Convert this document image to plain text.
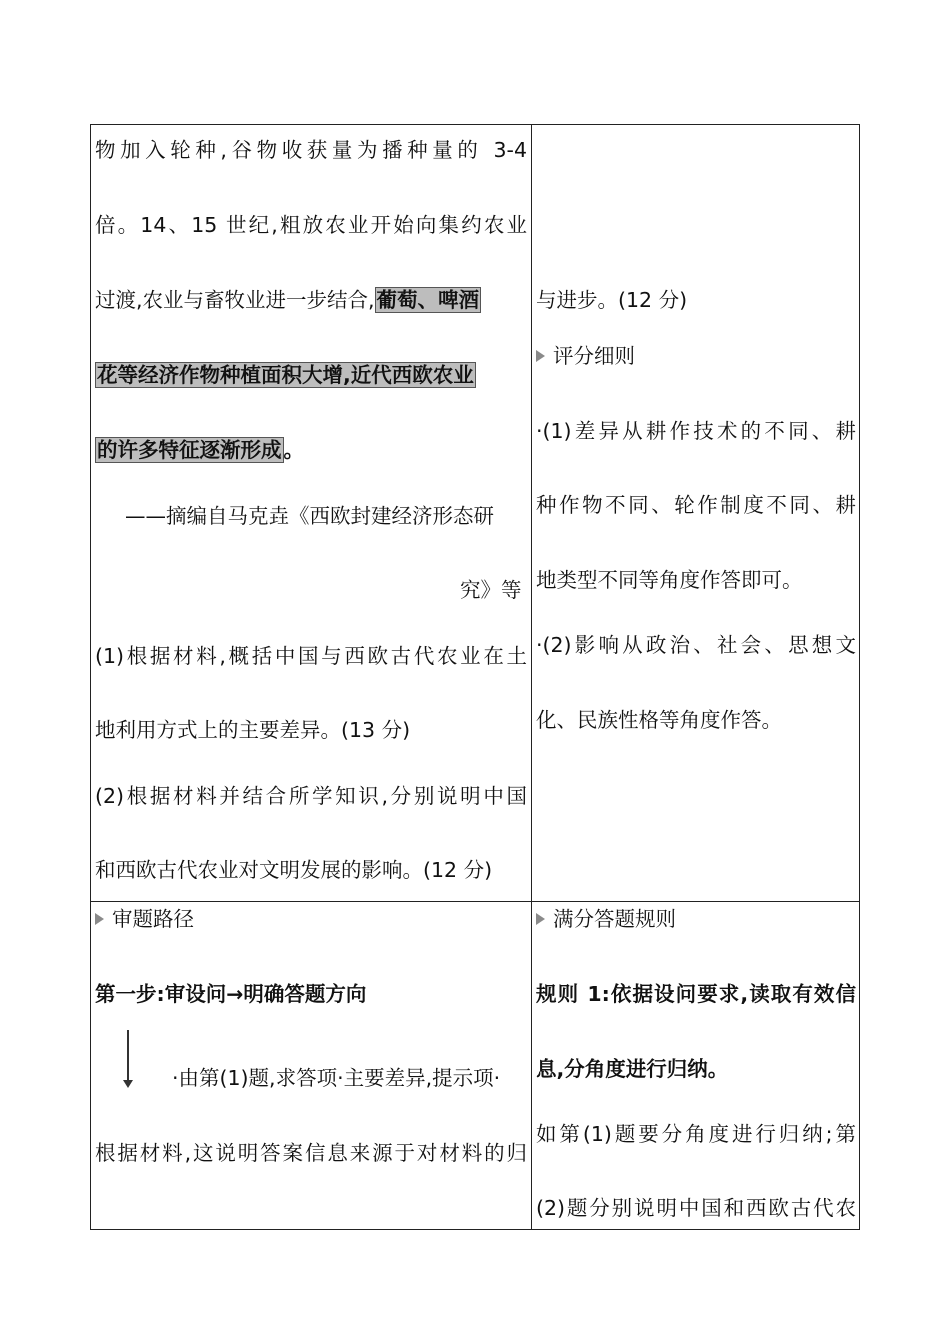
物加入轮种,谷物收获量为播种量的 3-4
倍。14、15 世纪,粗放农业开始向集约农业
过渡,农业与畜牧业进一步结合,葡萄、啤酒
花等经济作物种植面积大增,近代西欧农业
的许多特征逐渐形成。
——摘编自马克垚《西欧封建经济形态研
究》等
(1)根据材料,概括中国与西欧古代农业在土
地利用方式上的主要差异。(13 分)
(2)根据材料并结合所学知识,分别说明中国
和西欧古代农业对文明发展的影响。(12 分)
与进步。(12 分)
评分细则
·(1)差异从耕作技术的不同、耕
种作物不同、轮作制度不同、耕
地类型不同等角度作答即可。
·(2)影响从政治、社会、思想文
化、民族性格等角度作答。
审题路径
第一步:审设问→明确答题方向
·由第(1)题,求答项·主要差异,提示项·
根据材料,这说明答案信息来源于对材料的归
满分答题规则
规则 1:依据设问要求,读取有效信
息,分角度进行归纳。
如第(1)题要分角度进行归纳;第
(2)题分别说明中国和西欧古代农
